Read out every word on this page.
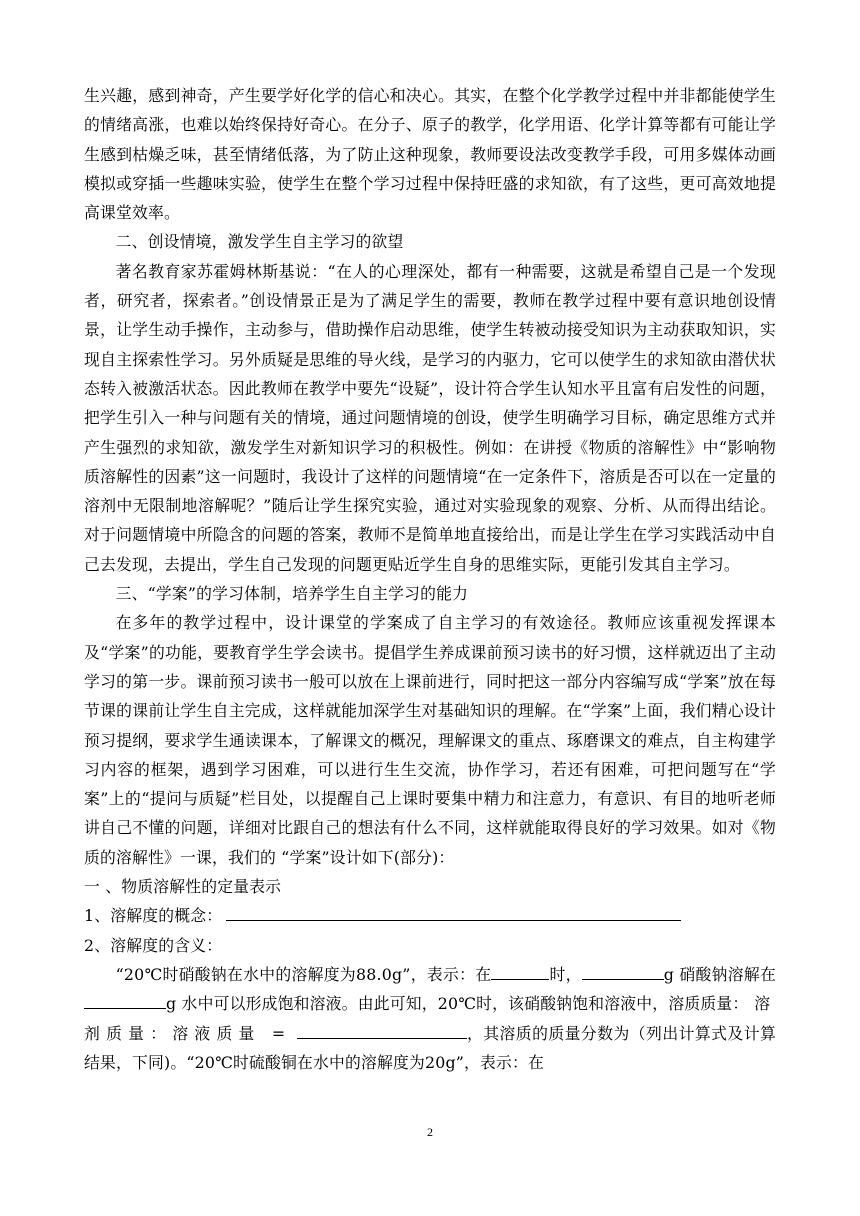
生兴趣，感到神奇，产生要学好化学的信心和决心。其实，在整个化学教学过程中并非都能使学生的情绪高涨，也难以始终保持好奇心。在分子、原子的教学，化学用语、化学计算等都有可能让学生感到枯燥乏味，甚至情绪低落，为了防止这种现象，教师要设法改变教学手段，可用多媒体动画模拟或穿插一些趣味实验，使学生在整个学习过程中保持旺盛的求知欲，有了这些，更可高效地提高课堂效率。

二、创设情境，激发学生自主学习的欲望

著名教育家苏霍姆林斯基说：“在人的心理深处，都有一种需要，这就是希望自己是一个发现者，研究者，探索者。”创设情景正是为了满足学生的需要，教师在教学过程中要有意识地创设情景，让学生动手操作，主动参与，借助操作启动思维，使学生转被动接受知识为主动获取知识，实现自主探索性学习。另外质疑是思维的导火线，是学习的内驱力，它可以使学生的求知欲由潜伏状态转入被激活状态。因此教师在教学中要先“设疑”，设计符合学生认知水平且富有启发性的问题，把学生引入一种与问题有关的情境，通过问题情境的创设，使学生明确学习目标，确定思维方式并产生强烈的求知欲，激发学生对新知识学习的积极性。例如：在讲授《物质的溶解性》中“影响物质溶解性的因素”这一问题时，我设计了这样的问题情境“在一定条件下，溶质是否可以在一定量的溶剂中无限制地溶解呢？”随后让学生探究实验，通过对实验现象的观察、分析、从而得出结论。对于问题情境中所隐含的问题的答案，教师不是简单地直接给出，而是让学生在学习实践活动中自己去发现，去提出，学生自己发现的问题更贴近学生自身的思维实际，更能引发其自主学习。

三、“学案”的学习体制，培养学生自主学习的能力

在多年的教学过程中，设计课堂的学案成了自主学习的有效途径。教师应该重视发挥课本及“学案”的功能，要教育学生学会读书。提倡学生养成课前预习读书的好习惯，这样就迈出了主动学习的第一步。课前预习读书一般可以放在上课前进行，同时把这一部分内容编写成“学案”放在每节课的课前让学生自主完成，这样就能加深学生对基础知识的理解。在“学案”上面，我们精心设计预习提纲，要求学生通读课本，了解课文的概况，理解课文的重点、琢磨课文的难点，自主构建学习内容的框架，遇到学习困难，可以进行生生交流，协作学习，若还有困难，可把问题写在“学案”上的“提问与质疑”栏目处，以提醒自己上课时要集中精力和注意力，有意识、有目的地听老师讲自己不懂的问题，详细对比跟自己的想法有什么不同，这样就能取得良好的学习效果。如对《物质的溶解性》一课，我们的 “学案”设计如下(部分)：

一 、物质溶解性的定量表示

1、溶解度的概念：

2、溶解度的含义：

“20℃时硝酸钠在水中的溶解度为88.0g”，表示：在	时，	g 硝酸钠溶解在g 水中可以形成饱和溶液。由此可知，20℃时，该硝酸钠饱和溶液中，溶质质量：溶剂质量：溶液质量 =	，其溶质的质量分数为（列出计算式及计算结果，下同)。“20℃时硫酸铜在水中的溶解度为20g”，表示：在

2
